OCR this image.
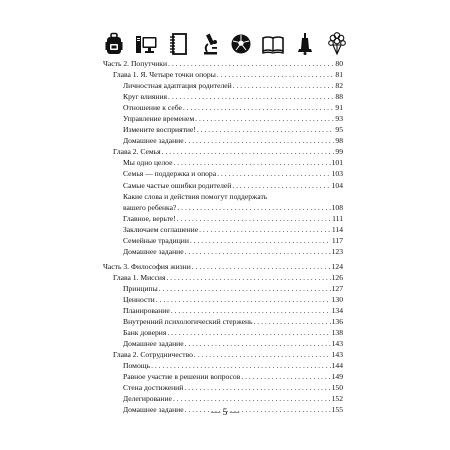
Часть 2. Попутчики . . .	80
Глава 1. Я. Четыре точки опоры . . .	81
Личностная адаптация родителей . . .	82
Круг влияния . . .	88
Отношение к себе . . .	91
Управление временем . . .	93
Измените восприятие! . . .	95
Домашнее задание . . .	98
Глава 2. Семья . . .	99
Мы одно целое . . .	101
Семья — поддержка и опора . . .	103
Самые частые ошибки родителей . . .	104
Какие слова и действия помогут поддержать
вашего ребенка? . . .	108
Главное, верьте! . . .	111
Заключаем соглашение . . .	114
Семейные традиции . . .	117
Домашнее задание . . .	123
Часть 3. Философия жизни . . .	124
Глава 1. Миссия . . .	126
Принципы . . .	127
Ценности . . .	130
Планирование . . .	134
Внутренний психологический стержень . . .	136
Банк доверия . . .	138
Домашнее задание . . .	143
Глава 2. Сотрудничество . . .	143
Помощь . . .	144
Равное участие в решении вопросов . . .	149
Стена достижений . . .	150
Делегирование . . .	152
Домашнее задание . . .	155
— 5 —
